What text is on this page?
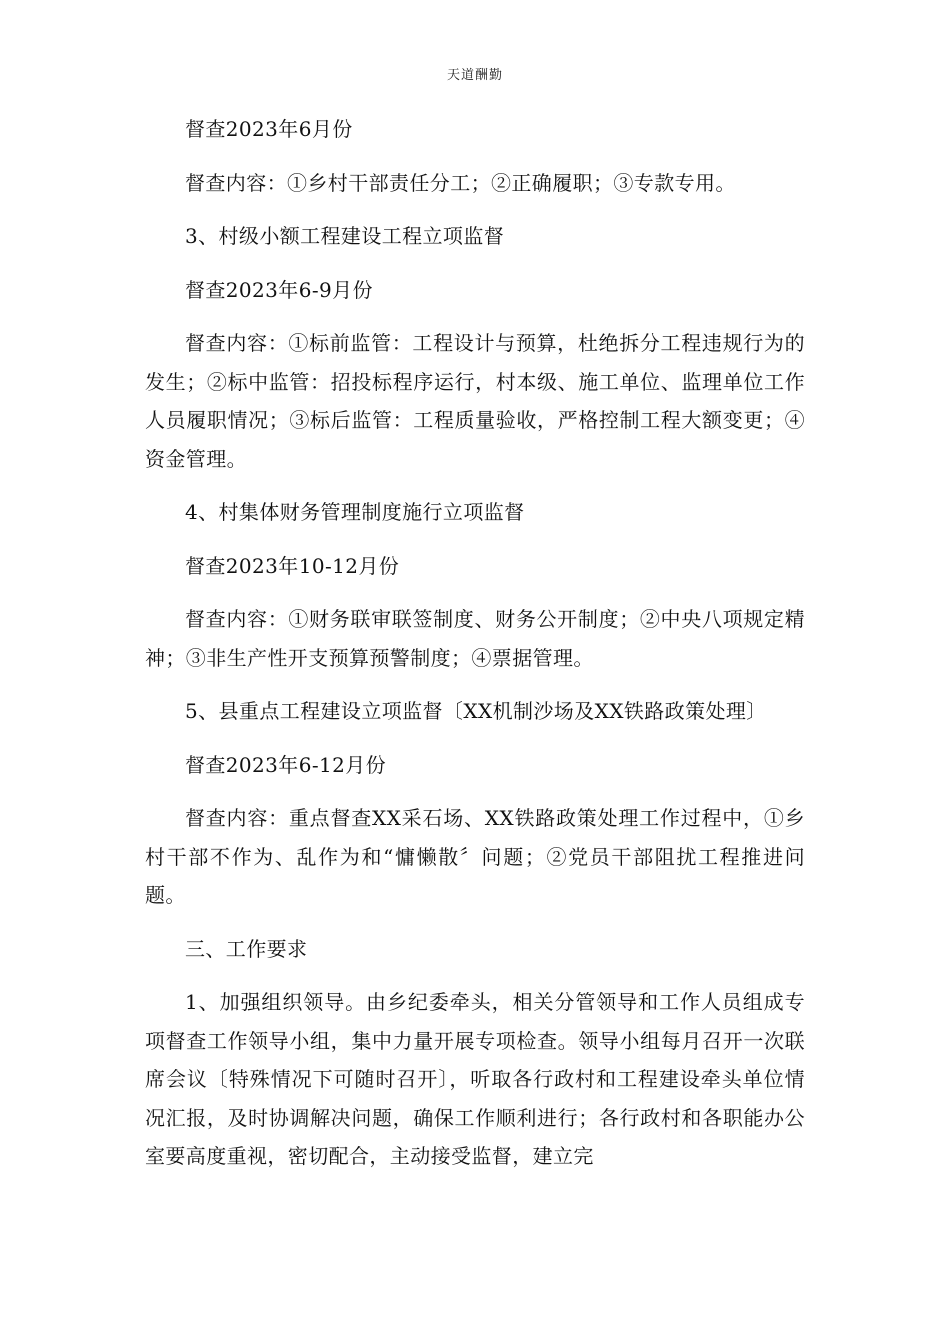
天道酬勤

督查2023年6月份

督查内容：①乡村干部责任分工；②正确履职；③专款专用。

3、村级小额工程建设工程立项监督

督查2023年6-9月份

督查内容：①标前监管：工程设计与预算，杜绝拆分工程违规行为的发生；②标中监管：招投标程序运行，村本级、施工单位、监理单位工作人员履职情况；③标后监管：工程质量验收，严格控制工程大额变更；④资金管理。

4、村集体财务管理制度施行立项监督

督查2023年10-12月份

督查内容：①财务联审联签制度、财务公开制度；②中央八项规定精神；③非生产性开支预算预警制度；④票据管理。

5、县重点工程建设立项监督〔XX机制沙场及XX铁路政策处理〕

督查2023年6-12月份

督查内容：重点督查XX采石场、XX铁路政策处理工作过程中，①乡村干部不作为、乱作为和“慵懒散〞问题；②党员干部阻扰工程推进问题。

三、工作要求

1、加强组织领导。由乡纪委牵头，相关分管领导和工作人员组成专项督查工作领导小组，集中力量开展专项检查。领导小组每月召开一次联席会议〔特殊情况下可随时召开〕，听取各行政村和工程建设牵头单位情况汇报，及时协调解决问题，确保工作顺利进行；各行政村和各职能办公室要高度重视，密切配合，主动接受监督，建立完
